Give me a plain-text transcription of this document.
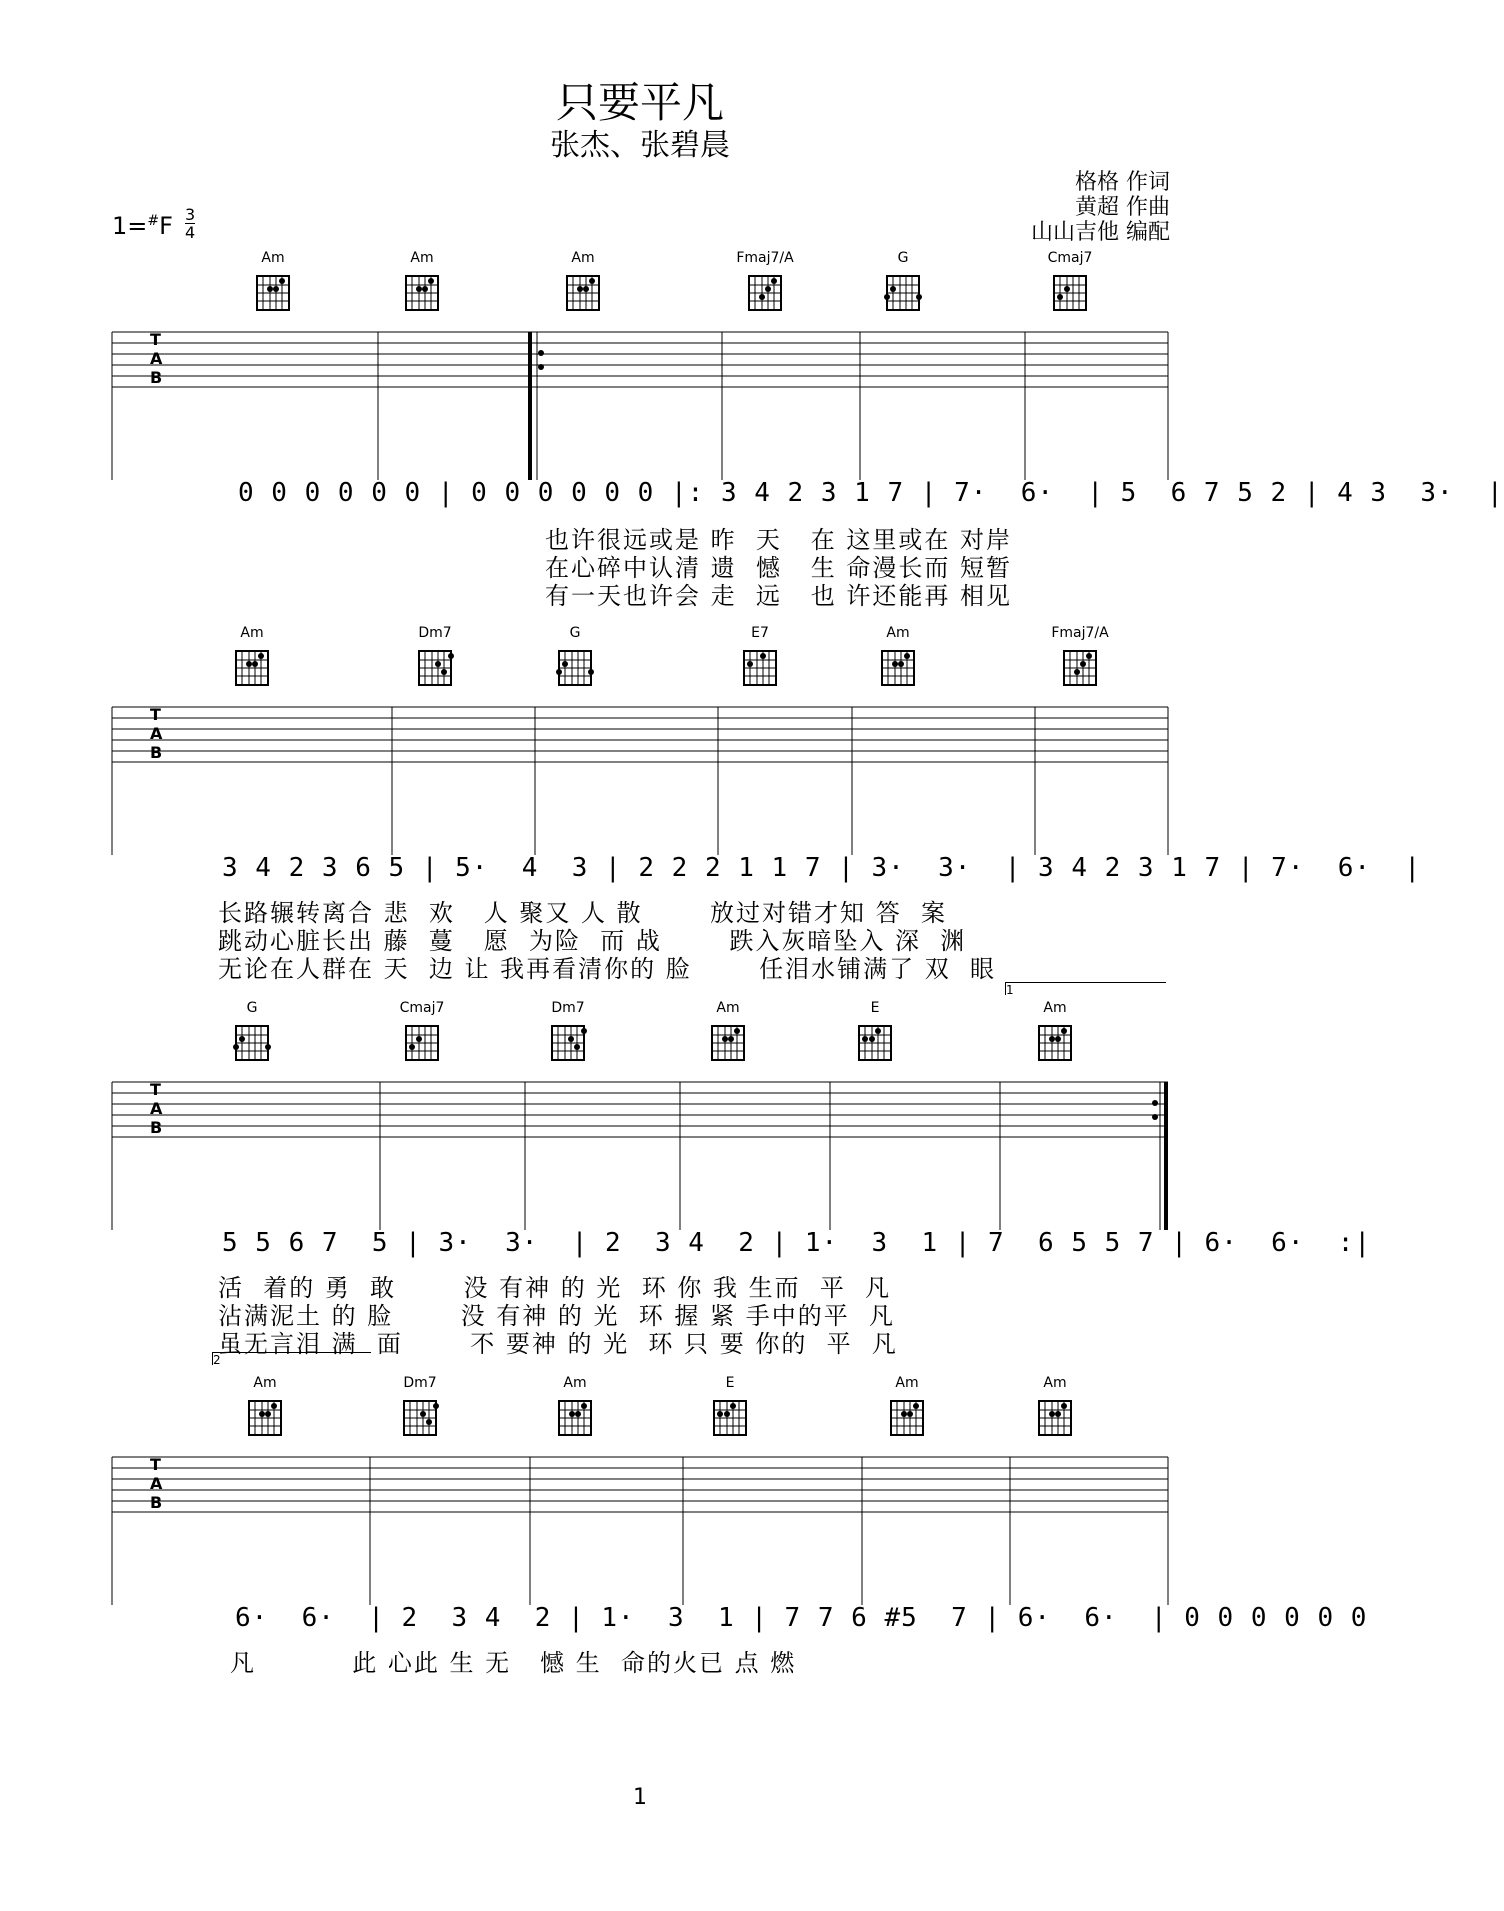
只要平凡
张杰、张碧晨
格格 作词
黄超 作曲
山山吉他 编配
1=#F 3
4
Am	Am	Am	Fmaj7/A	G	Cmaj7
T
A
B
0 0 0 0 0 0 | 0 0 0 0 0 0 |: 3 4 2 3 1 7 | 7·  6·  | 5  6 7 5 2 | 4 3  3·  |
也许很远或是 昨  天   在 这里或在 对岸
在心碎中认清 遗  憾   生 命漫长而 短暂
有一天也许会 走  远   也 许还能再 相见
Am	Dm7	G	E7	Am	Fmaj7/A
T
A
B
3 4 2 3 6 5 | 5·  4  3 | 2 2 2 1 1 7 | 3·  3·  | 3 4 2 3 1 7 | 7·  6·  |
长路辗转离合 悲  欢   人 聚又 人 散       放过对错才知 答  案
跳动心脏长出 藤  蔓   愿  为险  而 战       跌入灰暗坠入 深  渊
无论在人群在 天  边 让 我再看清你的 脸       任泪水铺满了 双  眼
1
G	Cmaj7	Dm7	Am	E	Am
T
A
B
5 5 6 7  5 | 3·  3·  | 2  3 4  2 | 1·  3  1 | 7  6 5 5 7 | 6·  6·  :|
活  着的 勇  敢       没 有神 的 光  环 你 我 生而  平  凡
沾满泥土 的 脸       没 有神 的 光  环 握 紧 手中的平  凡
虽无言泪 满  面       不 要神 的 光  环 只 要 你的  平  凡
2
Am	Dm7	Am	E	Am	Am
T
A
B
6·  6·  | 2  3 4  2 | 1·  3  1 | 7 7 6 #5  7 | 6·  6·  | 0 0 0 0 0 0
凡          此 心此 生 无   憾 生  命的火已 点 燃
1
